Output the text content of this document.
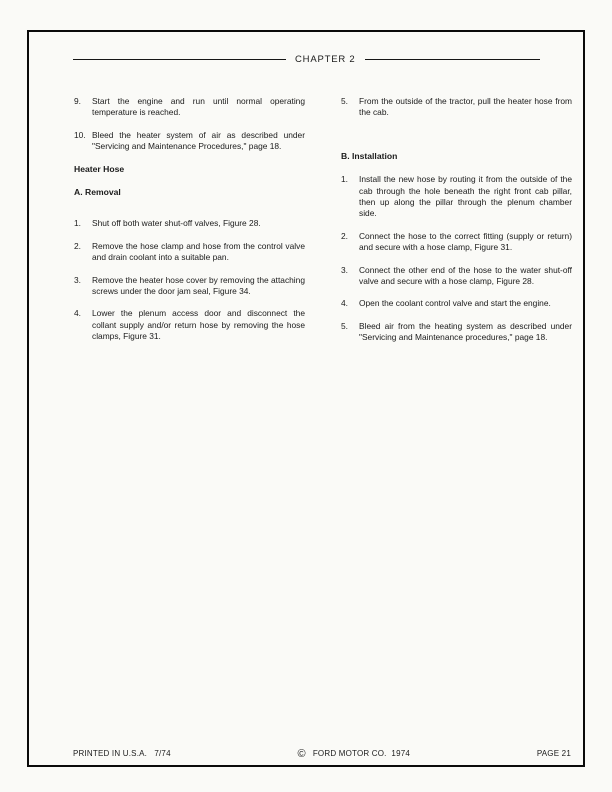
CHAPTER 2
9.	Start the engine and run until normal operating temperature is reached.
10. Bleed the heater system of air as described under "Servicing and Maintenance Procedures," page 18.
Heater Hose
A. Removal
1.	Shut off both water shut-off valves, Figure 28.
2.	Remove the hose clamp and hose from the control valve and drain coolant into a suitable pan.
3.	Remove the heater hose cover by removing the attaching screws under the door jam seal, Figure 34.
4.	Lower the plenum access door and disconnect the collant supply and/or return hose by removing the hose clamps, Figure 31.
5.	From the outside of the tractor, pull the heater hose from the cab.
B. Installation
1.	Install the new hose by routing it from the outside of the cab through the hole beneath the right front cab pillar, then up along the pillar through the plenum chamber side.
2.	Connect the hose to the correct fitting (supply or return) and secure with a hose clamp, Figure 31.
3.	Connect the other end of the hose to the water shut-off valve and secure with a hose clamp, Figure 28.
4.	Open the coolant control valve and start the engine.
5.	Bleed air from the heating system as described under "Servicing and Maintenance procedures," page 18.
PRINTED IN U.S.A.   7/74	© FORD MOTOR CO.  1974	PAGE 21
